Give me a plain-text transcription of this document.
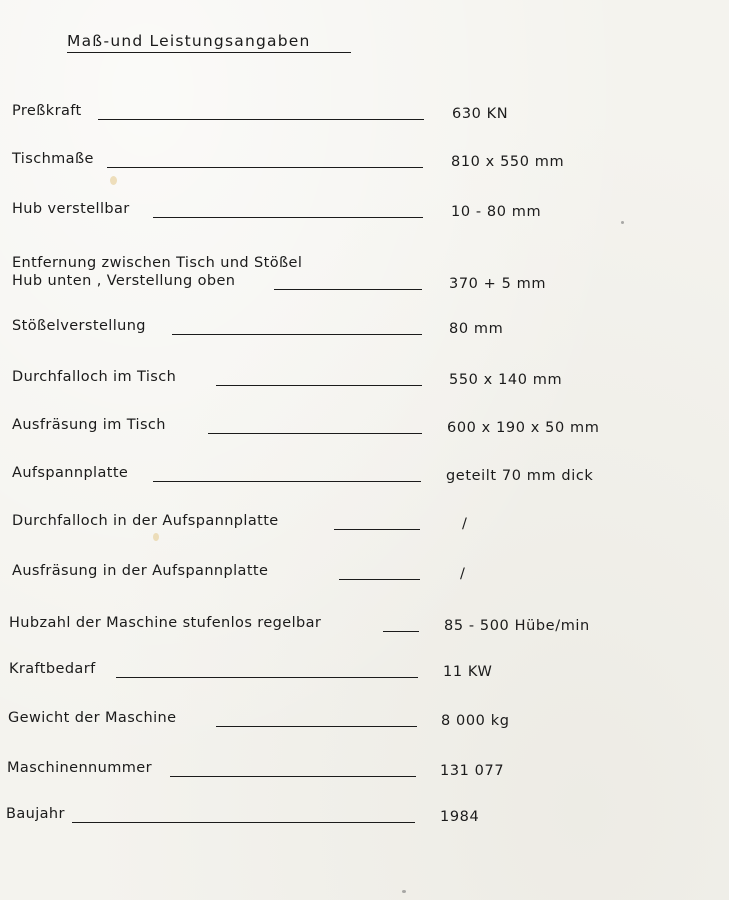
Maß-und Leistungsangaben
Preßkraft	630 KN
Tischmaße	810 x 550 mm
Hub verstellbar	10 - 80 mm
Entfernung zwischen Tisch und Stößel
Hub unten , Verstellung oben	370 + 5 mm
Stößelverstellung	80 mm
Durchfalloch im Tisch	550 x 140 mm
Ausfräsung im Tisch	600 x 190 x 50 mm
Aufspannplatte	geteilt 70 mm dick
Durchfalloch in der Aufspannplatte	/
Ausfräsung in der Aufspannplatte	/
Hubzahl der Maschine stufenlos regelbar	85 - 500 Hübe/min
Kraftbedarf	11 KW
Gewicht der Maschine	8 000 kg
Maschinennummer	131 077
Baujahr	1984
